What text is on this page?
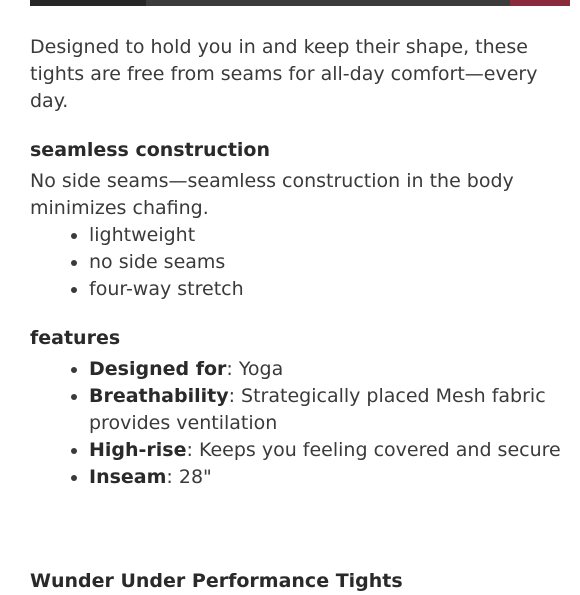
Designed to hold you in and keep their shape, these tights are free from seams for all-day comfort—every day.

seamless construction

No side seams—seamless construction in the body minimizes chafing.

• lightweight
• no side seams
• four-way stretch
features
• Designed for: Yoga
• Breathability: Strategically placed Mesh fabric provides ventilation
• High-rise: Keeps you feeling covered and secure
• Inseam: 28"
Wunder Under Performance Tights
